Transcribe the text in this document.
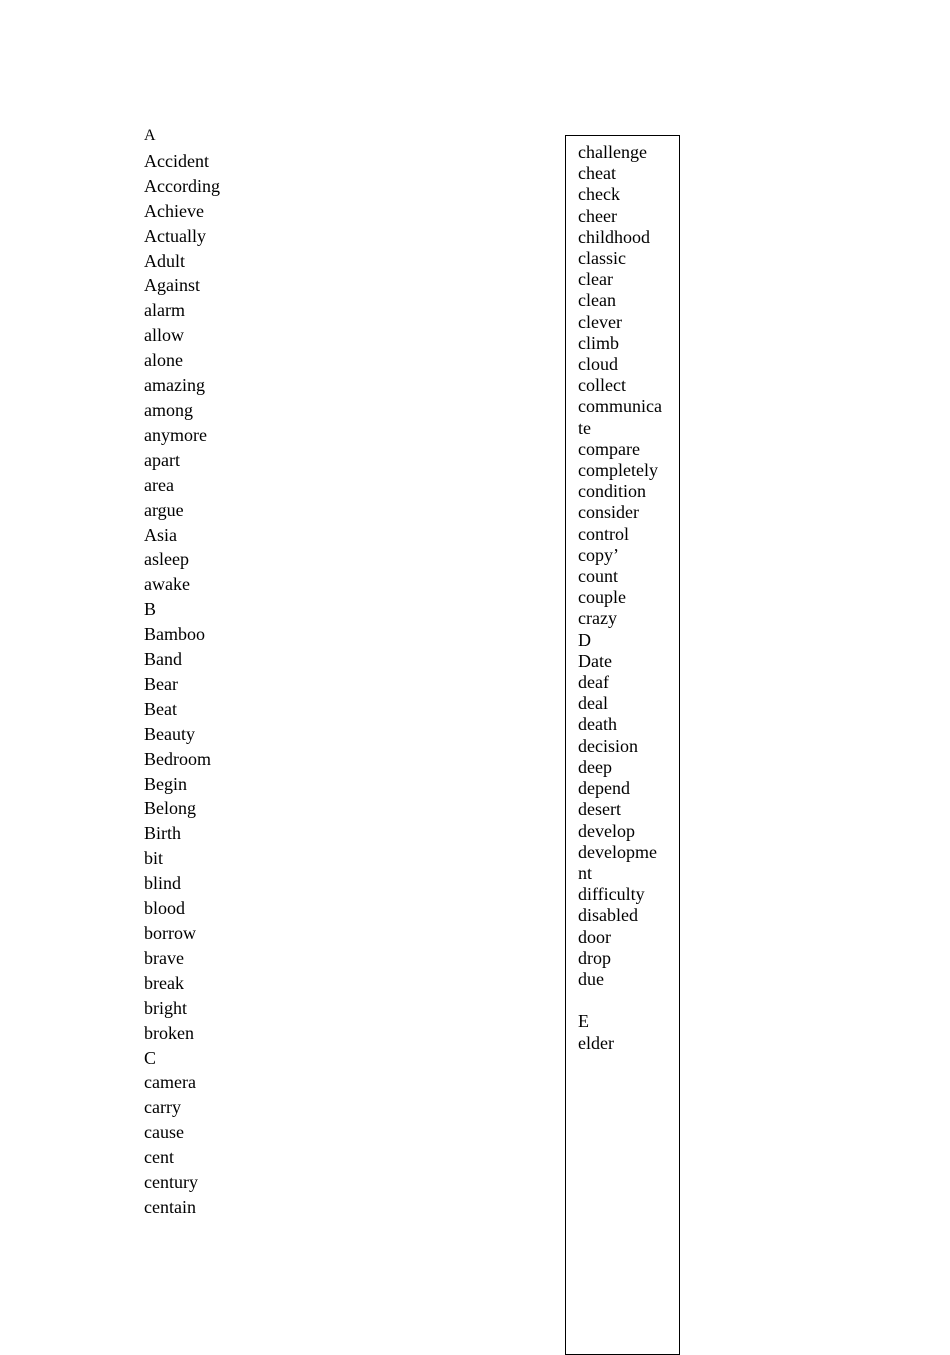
A
Accident
According
Achieve
Actually
Adult
Against
alarm
allow
alone
amazing
among
anymore
apart
area
argue
Asia
asleep
awake
B
Bamboo
Band
Bear
Beat
Beauty
Bedroom
Begin
Belong
Birth
bit
blind
blood
borrow
brave
break
bright
broken
C
camera
carry
cause
cent
century
centain
challenge
cheat
check
cheer
childhood
classic
clear
clean
clever
climb
cloud
collect
communica
te
compare
completely
condition
consider
control
copy’
count
couple
crazy
D
Date
deaf
deal
death
decision
deep
depend
desert
develop
developme
nt
difficulty
disabled
door
drop
due
E
elder
